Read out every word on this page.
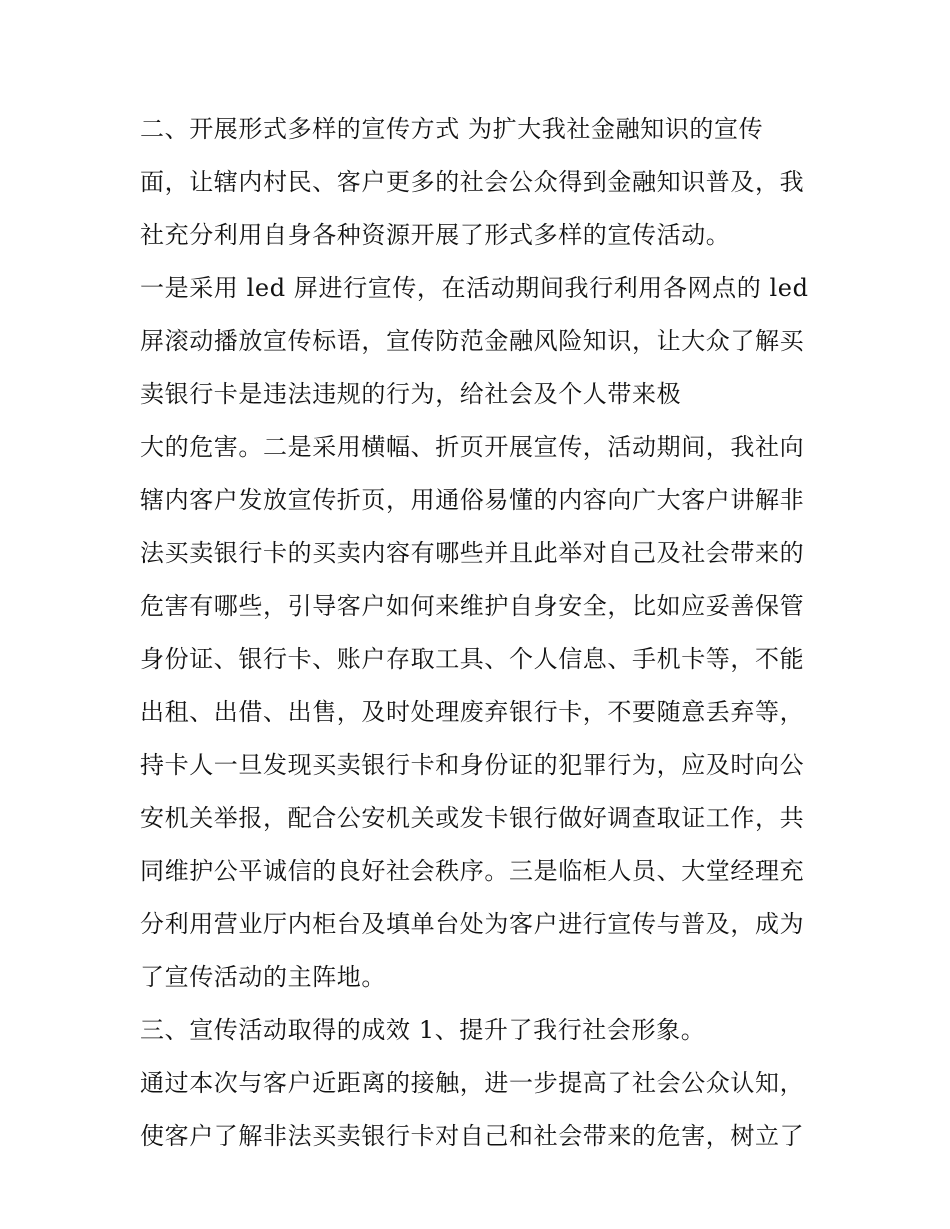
二、开展形式多样的宣传方式 为扩大我社金融知识的宣传
面，让辖内村民、客户更多的社会公众得到金融知识普及，我
社充分利用自身各种资源开展了形式多样的宣传活动。
一是采用 led 屏进行宣传，在活动期间我行利用各网点的 led
屏滚动播放宣传标语，宣传防范金融风险知识，让大众了解买
卖银行卡是违法违规的行为，给社会及个人带来极
大的危害。二是采用横幅、折页开展宣传，活动期间，我社向
辖内客户发放宣传折页，用通俗易懂的内容向广大客户讲解非
法买卖银行卡的买卖内容有哪些并且此举对自己及社会带来的
危害有哪些，引导客户如何来维护自身安全，比如应妥善保管
身份证、银行卡、账户存取工具、个人信息、手机卡等，不能
出租、出借、出售，及时处理废弃银行卡，不要随意丢弃等，
持卡人一旦发现买卖银行卡和身份证的犯罪行为，应及时向公
安机关举报，配合公安机关或发卡银行做好调查取证工作，共
同维护公平诚信的良好社会秩序。三是临柜人员、大堂经理充
分利用营业厅内柜台及填单台处为客户进行宣传与普及，成为
了宣传活动的主阵地。
三、宣传活动取得的成效 1、提升了我行社会形象。
通过本次与客户近距离的接触，进一步提高了社会公众认知，
使客户了解非法买卖银行卡对自己和社会带来的危害，树立了
